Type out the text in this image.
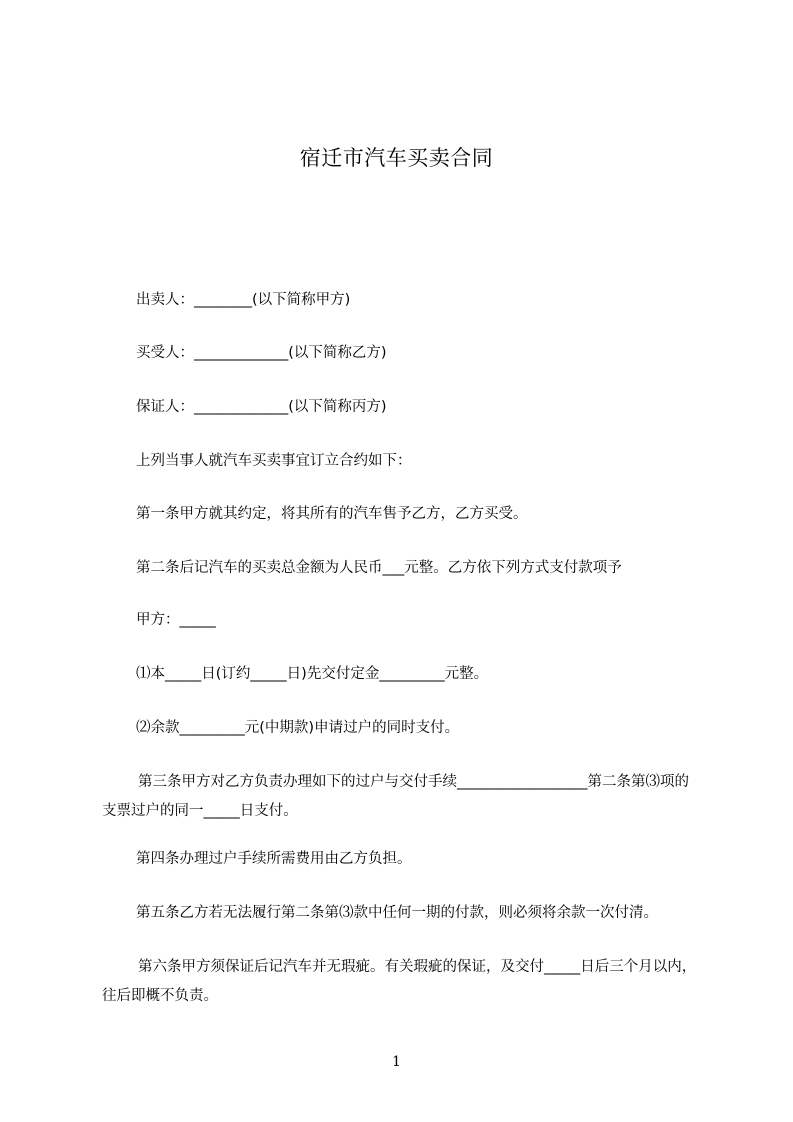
宿迁市汽车买卖合同
出卖人：________(以下简称甲方)
买受人：_____________(以下简称乙方)
保证人：_____________(以下简称丙方)
上列当事人就汽车买卖事宜订立合约如下：
第一条甲方就其约定，将其所有的汽车售予乙方，乙方买受。
第二条后记汽车的买卖总金额为人民币___元整。乙方依下列方式支付款项予
甲方：_____
⑴本_____日(订约_____日)先交付定金_________元整。
⑵余款_________元(中期款)申请过户的同时支付。
第三条甲方对乙方负责办理如下的过户与交付手续__________________第二条第⑶项的支票过户的同一_____日支付。
第四条办理过户手续所需费用由乙方负担。
第五条乙方若无法履行第二条第⑶款中任何一期的付款，则必须将余款一次付清。
第六条甲方须保证后记汽车并无瑕疵。有关瑕疵的保证，及交付_____日后三个月以内，往后即概不负责。
1
